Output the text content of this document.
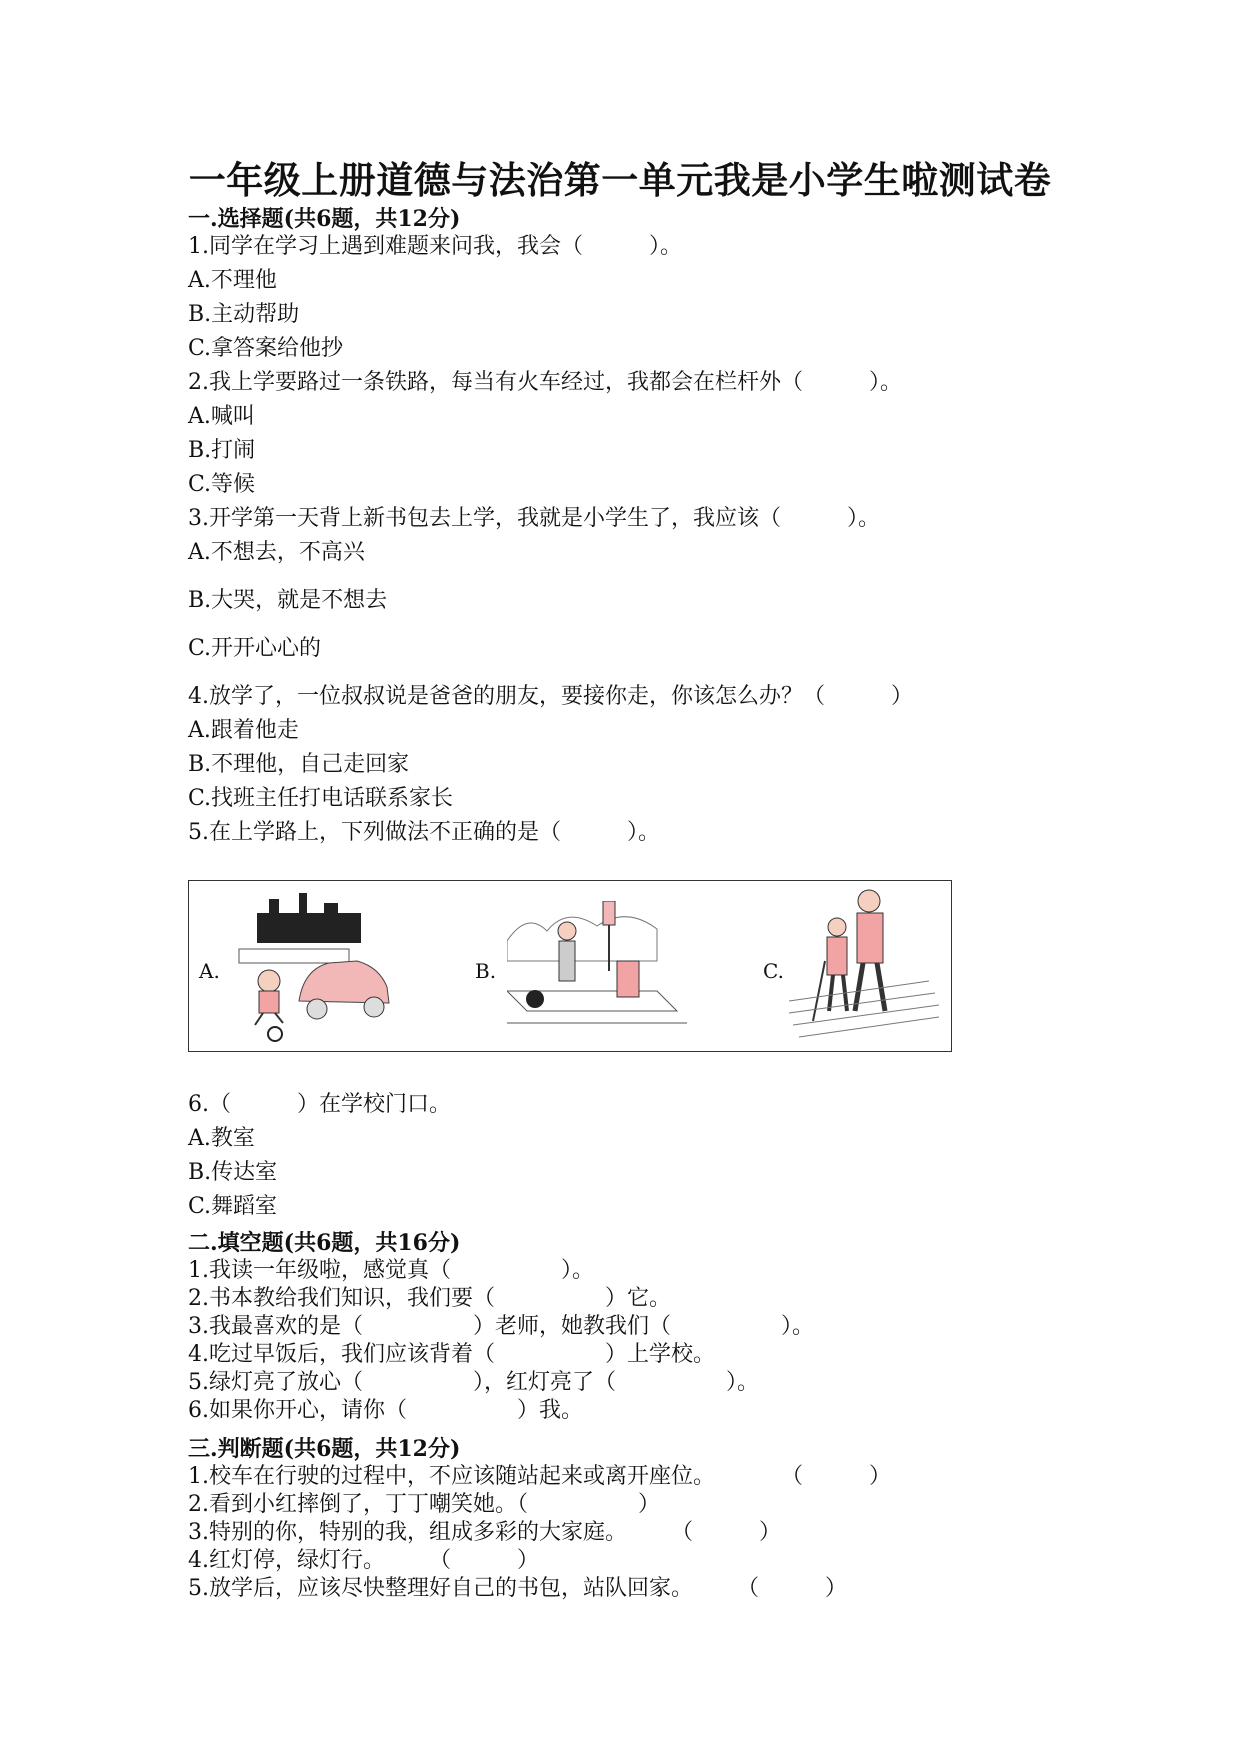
一年级上册道德与法治第一单元我是小学生啦测试卷
一.选择题(共6题，共12分)
1.同学在学习上遇到难题来问我，我会（　　　）。
A.不理他
B.主动帮助
C.拿答案给他抄
2.我上学要路过一条铁路，每当有火车经过，我都会在栏杆外（　　　）。
A.喊叫
B.打闹
C.等候
3.开学第一天背上新书包去上学，我就是小学生了，我应该（　　　）。
A.不想去，不高兴
B.大哭，就是不想去
C.开开心心的
4.放学了，一位叔叔说是爸爸的朋友，要接你走，你该怎么办？（　　　）
A.跟着他走
B.不理他，自己走回家
C.找班主任打电话联系家长
5.在上学路上，下列做法不正确的是（　　　）。
A.	B.	C.
6.（　　　）在学校门口。
A.教室
B.传达室
C.舞蹈室
二.填空题(共6题，共16分)
1.我读一年级啦，感觉真（　　　　　）。
2.书本教给我们知识，我们要（　　　　　）它。
3.我最喜欢的是（　　　　　）老师，她教我们（　　　　　）。
4.吃过早饭后，我们应该背着（　　　　　）上学校。
5.绿灯亮了放心（　　　　　），红灯亮了（　　　　　）。
6.如果你开心，请你（　　　　　）我。
三.判断题(共6题，共12分)
1.校车在行驶的过程中，不应该随站起来或离开座位。　　　　（　　　）
2.看到小红摔倒了，丁丁嘲笑她。（　　　　　）
3.特别的你，特别的我，组成多彩的大家庭。　　　（　　　）
4.红灯停，绿灯行。　　　（　　　）
5.放学后，应该尽快整理好自己的书包，站队回家。　　　（　　　）
